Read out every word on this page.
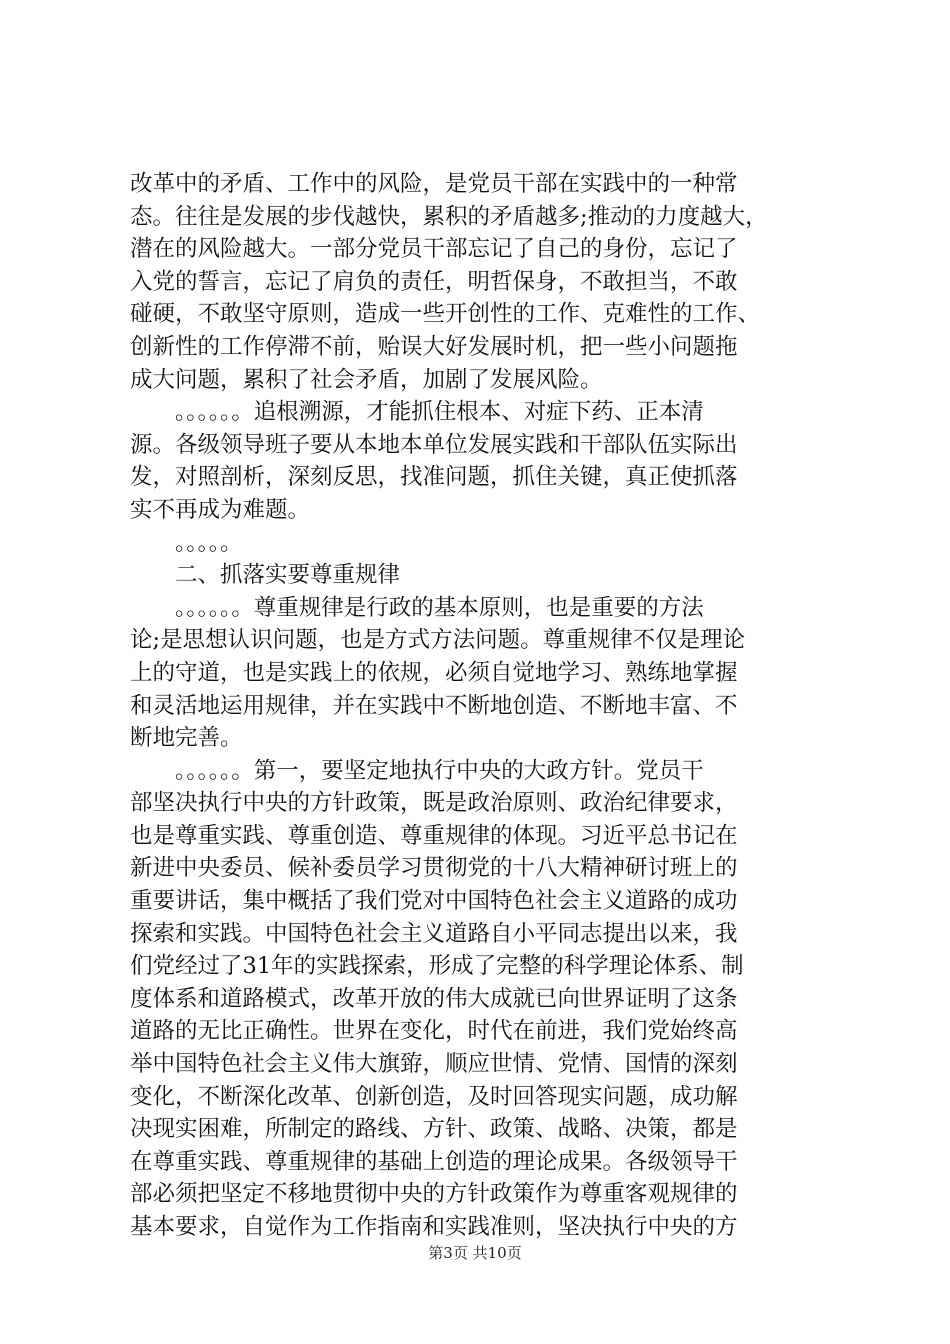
改革中的矛盾、工作中的风险，是党员干部在实践中的一种常
态。往往是发展的步伐越快，累积的矛盾越多;推动的力度越大，
潜在的风险越大。一部分党员干部忘记了自己的身份，忘记了
入党的誓言，忘记了肩负的责任，明哲保身，不敢担当，不敢
碰硬，不敢坚守原则，造成一些开创性的工作、克难性的工作、
创新性的工作停滞不前，贻误大好发展时机，把一些小问题拖
成大问题，累积了社会矛盾，加剧了发展风险。
　　。。。。。。追根溯源，才能抓住根本、对症下药、正本清
源。各级领导班子要从本地本单位发展实践和干部队伍实际出
发，对照剖析，深刻反思，找准问题，抓住关键，真正使抓落
实不再成为难题。
　　。。。。。
　　二、抓落实要尊重规律
　　。。。。。。尊重规律是行政的基本原则，也是重要的方法
论;是思想认识问题，也是方式方法问题。尊重规律不仅是理论
上的守道，也是实践上的依规，必须自觉地学习、熟练地掌握
和灵活地运用规律，并在实践中不断地创造、不断地丰富、不
断地完善。
　　。。。。。。第一，要坚定地执行中央的大政方针。党员干
部坚决执行中央的方针政策，既是政治原则、政治纪律要求，
也是尊重实践、尊重创造、尊重规律的体现。习近平总书记在
新进中央委员、候补委员学习贯彻党的十八大精神研讨班上的
重要讲话，集中概括了我们党对中国特色社会主义道路的成功
探索和实践。中国特色社会主义道路自小平同志提出以来，我
们党经过了31年的实践探索，形成了完整的科学理论体系、制
度体系和道路模式，改革开放的伟大成就已向世界证明了这条
道路的无比正确性。世界在变化，时代在前进，我们党始终高
举中国特色社会主义伟大旗臶，顺应世情、党情、国情的深刻
变化，不断深化改革、创新创造，及时回答现实问题，成功解
决现实困难，所制定的路线、方针、政策、战略、决策，都是
在尊重实践、尊重规律的基础上创造的理论成果。各级领导干
部必须把坚定不移地贯彻中央的方针政策作为尊重客观规律的
基本要求，自觉作为工作指南和实践准则，坚决执行中央的方
第3页 共10页
